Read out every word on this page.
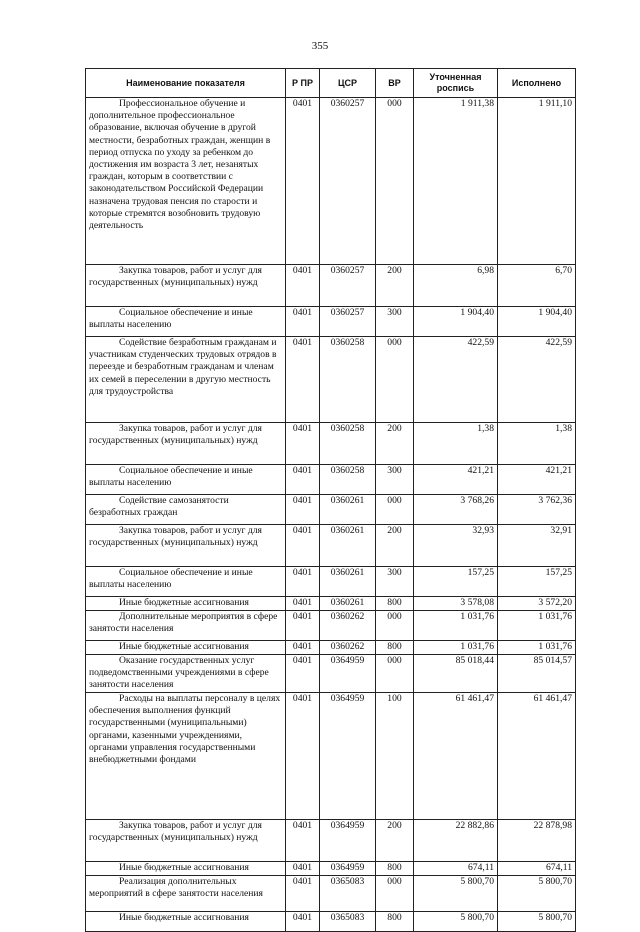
355
Наименование показателя	Р ПР	ЦСР	ВР	Уточненная роспись	Исполнено
Профессиональное обучение и дополнительное профессиональное образование, включая обучение в другой местности, безработных граждан, женщин в период отпуска по уходу за ребенком до достижения им возраста 3 лет, незанятых граждан, которым в соответствии с законодательством Российской Федерации назначена трудовая пенсия по старости и которые стремятся возобновить трудовую деятельность	0401	0360257	000	1 911,38	1 911,10
Закупка товаров, работ и услуг для государственных (муниципальных) нужд	0401	0360257	200	6,98	6,70
Социальное обеспечение и иные выплаты населению	0401	0360257	300	1 904,40	1 904,40
Содействие безработным гражданам и участникам студенческих трудовых отрядов в переезде и безработным гражданам и членам их семей в переселении в другую местность для трудоустройства	0401	0360258	000	422,59	422,59
Закупка товаров, работ и услуг для государственных (муниципальных) нужд	0401	0360258	200	1,38	1,38
Социальное обеспечение и иные выплаты населению	0401	0360258	300	421,21	421,21
Содействие самозанятости безработных граждан	0401	0360261	000	3 768,26	3 762,36
Закупка товаров, работ и услуг для государственных (муниципальных) нужд	0401	0360261	200	32,93	32,91
Социальное обеспечение и иные выплаты населению	0401	0360261	300	157,25	157,25
Иные бюджетные ассигнования	0401	0360261	800	3 578,08	3 572,20
Дополнительные мероприятия в сфере занятости населения	0401	0360262	000	1 031,76	1 031,76
Иные бюджетные ассигнования	0401	0360262	800	1 031,76	1 031,76
Оказание государственных услуг подведомственными учреждениями в сфере занятости населения	0401	0364959	000	85 018,44	85 014,57
Расходы на выплаты персоналу в целях обеспечения выполнения функций государственными (муниципальными) органами, казенными учреждениями, органами управления государственными внебюджетными фондами	0401	0364959	100	61 461,47	61 461,47
Закупка товаров, работ и услуг для государственных (муниципальных) нужд	0401	0364959	200	22 882,86	22 878,98
Иные бюджетные ассигнования	0401	0364959	800	674,11	674,11
Реализация дополнительных мероприятий в сфере занятости населения	0401	0365083	000	5 800,70	5 800,70
Иные бюджетные ассигнования	0401	0365083	800	5 800,70	5 800,70
